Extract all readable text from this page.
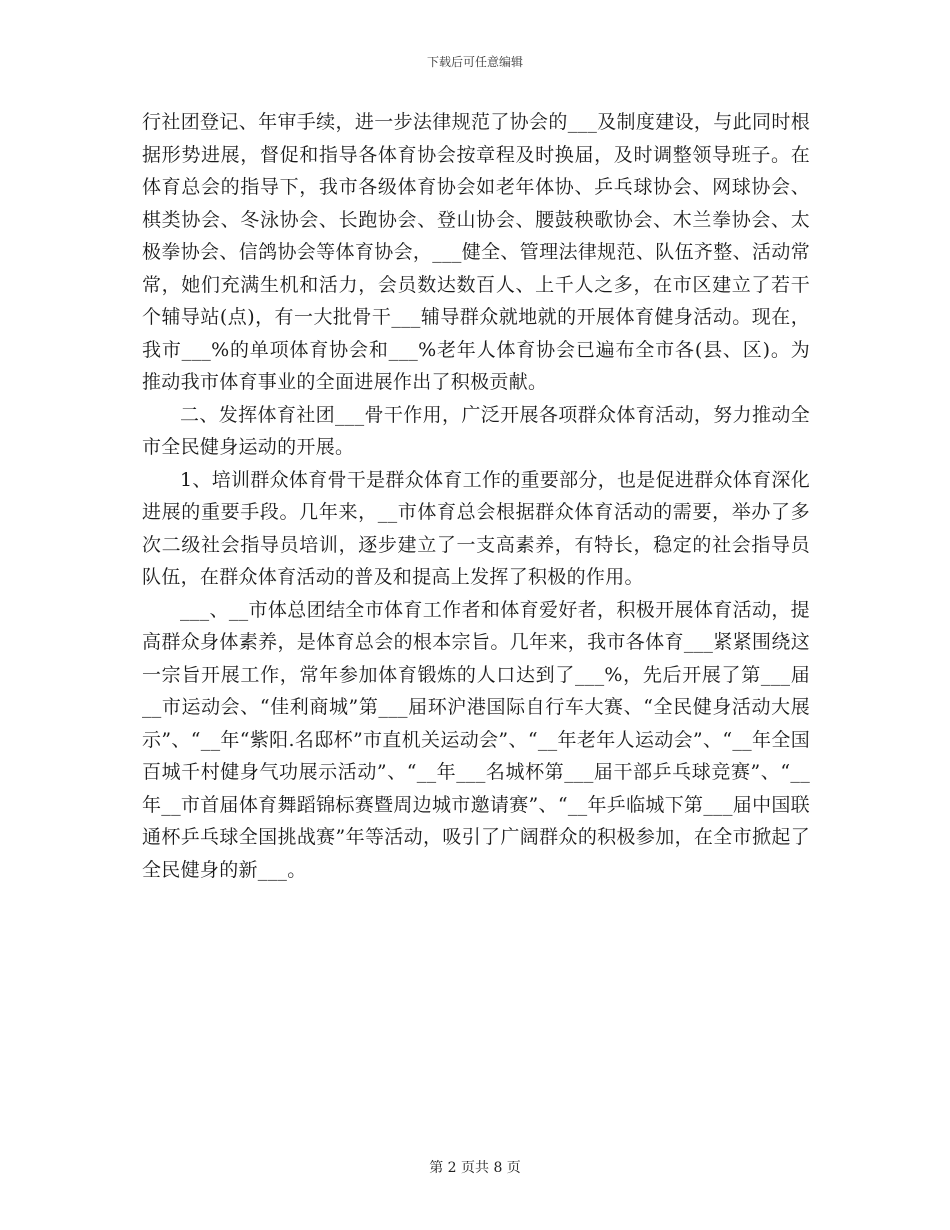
下载后可任意编辑

行社团登记、年审手续，进一步法律规范了协会的___及制度建设，与此同时根据形势进展，督促和指导各体育协会按章程及时换届，及时调整领导班子。在体育总会的指导下，我市各级体育协会如老年体协、乒乓球协会、网球协会、棋类协会、冬泳协会、长跑协会、登山协会、腰鼓秧歌协会、木兰拳协会、太极拳协会、信鸽协会等体育协会，___健全、管理法律规范、队伍齐整、活动常常，她们充满生机和活力，会员数达数百人、上千人之多，在市区建立了若干个辅导站(点)，有一大批骨干___辅导群众就地就的开展体育健身活动。现在，我市___%的单项体育协会和___%老年人体育协会已遍布全市各(县、区)。为推动我市体育事业的全面进展作出了积极贡献。

二、发挥体育社团___骨干作用，广泛开展各项群众体育活动，努力推动全市全民健身运动的开展。

1、培训群众体育骨干是群众体育工作的重要部分，也是促进群众体育深化进展的重要手段。几年来，__市体育总会根据群众体育活动的需要，举办了多次二级社会指导员培训，逐步建立了一支高素养，有特长，稳定的社会指导员队伍，在群众体育活动的普及和提高上发挥了积极的作用。

___、__市体总团结全市体育工作者和体育爱好者，积极开展体育活动，提高群众身体素养，是体育总会的根本宗旨。几年来，我市各体育___紧紧围绕这一宗旨开展工作，常年参加体育锻炼的人口达到了___%，先后开展了第___届__市运动会、“佳利商城”第___届环沪港国际自行车大赛、“全民健身活动大展示”、“__年“紫阳.名邸杯”市直机关运动会”、“__年老年人运动会”、“__年全国百城千村健身气功展示活动”、“__年___名城杯第___届干部乒乓球竞赛”、“__年__市首届体育舞蹈锦标赛暨周边城市邀请赛”、“__年乒临城下第___届中国联通杯乒乓球全国挑战赛”年等活动，吸引了广阔群众的积极参加，在全市掀起了全民健身的新___。

第 2 页共 8 页
